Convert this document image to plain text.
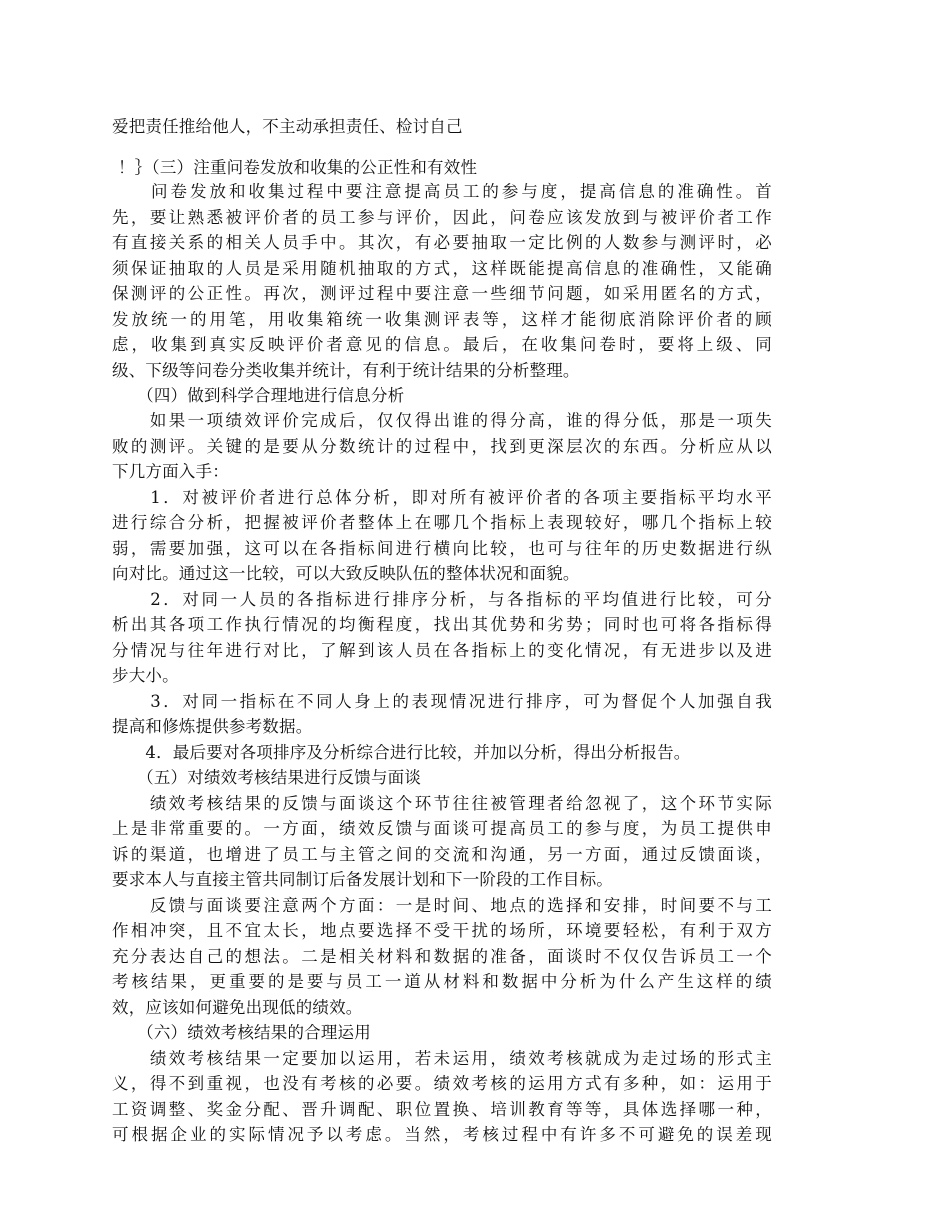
爱把责任推给他人，不主动承担责任、检讨自己
！｝（三）注重问卷发放和收集的公正性和有效性
　　问卷发放和收集过程中要注意提高员工的参与度，提高信息的准确性。首
先，要让熟悉被评价者的员工参与评价，因此，问卷应该发放到与被评价者工作
有直接关系的相关人员手中。其次，有必要抽取一定比例的人数参与测评时，必
须保证抽取的人员是采用随机抽取的方式，这样既能提高信息的准确性，又能确
保测评的公正性。再次，测评过程中要注意一些细节问题，如采用匿名的方式，
发放统一的用笔，用收集箱统一收集测评表等，这样才能彻底消除评价者的顾
虑，收集到真实反映评价者意见的信息。最后，在收集问卷时，要将上级、同
级、下级等问卷分类收集并统计，有利于统计结果的分析整理。
　　（四）做到科学合理地进行信息分析
　　如果一项绩效评价完成后，仅仅得出谁的得分高，谁的得分低，那是一项失
败的测评。关键的是要从分数统计的过程中，找到更深层次的东西。分析应从以
下几方面入手：
　　1．对被评价者进行总体分析，即对所有被评价者的各项主要指标平均水平
进行综合分析，把握被评价者整体上在哪几个指标上表现较好，哪几个指标上较
弱，需要加强，这可以在各指标间进行横向比较，也可与往年的历史数据进行纵
向对比。通过这一比较，可以大致反映队伍的整体状况和面貌。
　　2．对同一人员的各指标进行排序分析，与各指标的平均值进行比较，可分
析出其各项工作执行情况的均衡程度，找出其优势和劣势；同时也可将各指标得
分情况与往年进行对比，了解到该人员在各指标上的变化情况，有无进步以及进
步大小。
　　3．对同一指标在不同人身上的表现情况进行排序，可为督促个人加强自我
提高和修炼提供参考数据。
　　4．最后要对各项排序及分析综合进行比较，并加以分析，得出分析报告。
　　（五）对绩效考核结果进行反馈与面谈
　　绩效考核结果的反馈与面谈这个环节往往被管理者给忽视了，这个环节实际
上是非常重要的。一方面，绩效反馈与面谈可提高员工的参与度，为员工提供申
诉的渠道，也增进了员工与主管之间的交流和沟通，另一方面，通过反馈面谈，
要求本人与直接主管共同制订后备发展计划和下一阶段的工作目标。
　　反馈与面谈要注意两个方面：一是时间、地点的选择和安排，时间要不与工
作相冲突，且不宜太长，地点要选择不受干扰的场所，环境要轻松，有利于双方
充分表达自己的想法。二是相关材料和数据的准备，面谈时不仅仅告诉员工一个
考核结果，更重要的是要与员工一道从材料和数据中分析为什么产生这样的绩
效，应该如何避免出现低的绩效。
　　（六）绩效考核结果的合理运用
　　绩效考核结果一定要加以运用，若未运用，绩效考核就成为走过场的形式主
义，得不到重视，也没有考核的必要。绩效考核的运用方式有多种，如：运用于
工资调整、奖金分配、晋升调配、职位置换、培训教育等等，具体选择哪一种，
可根据企业的实际情况予以考虑。当然，考核过程中有许多不可避免的误差现
